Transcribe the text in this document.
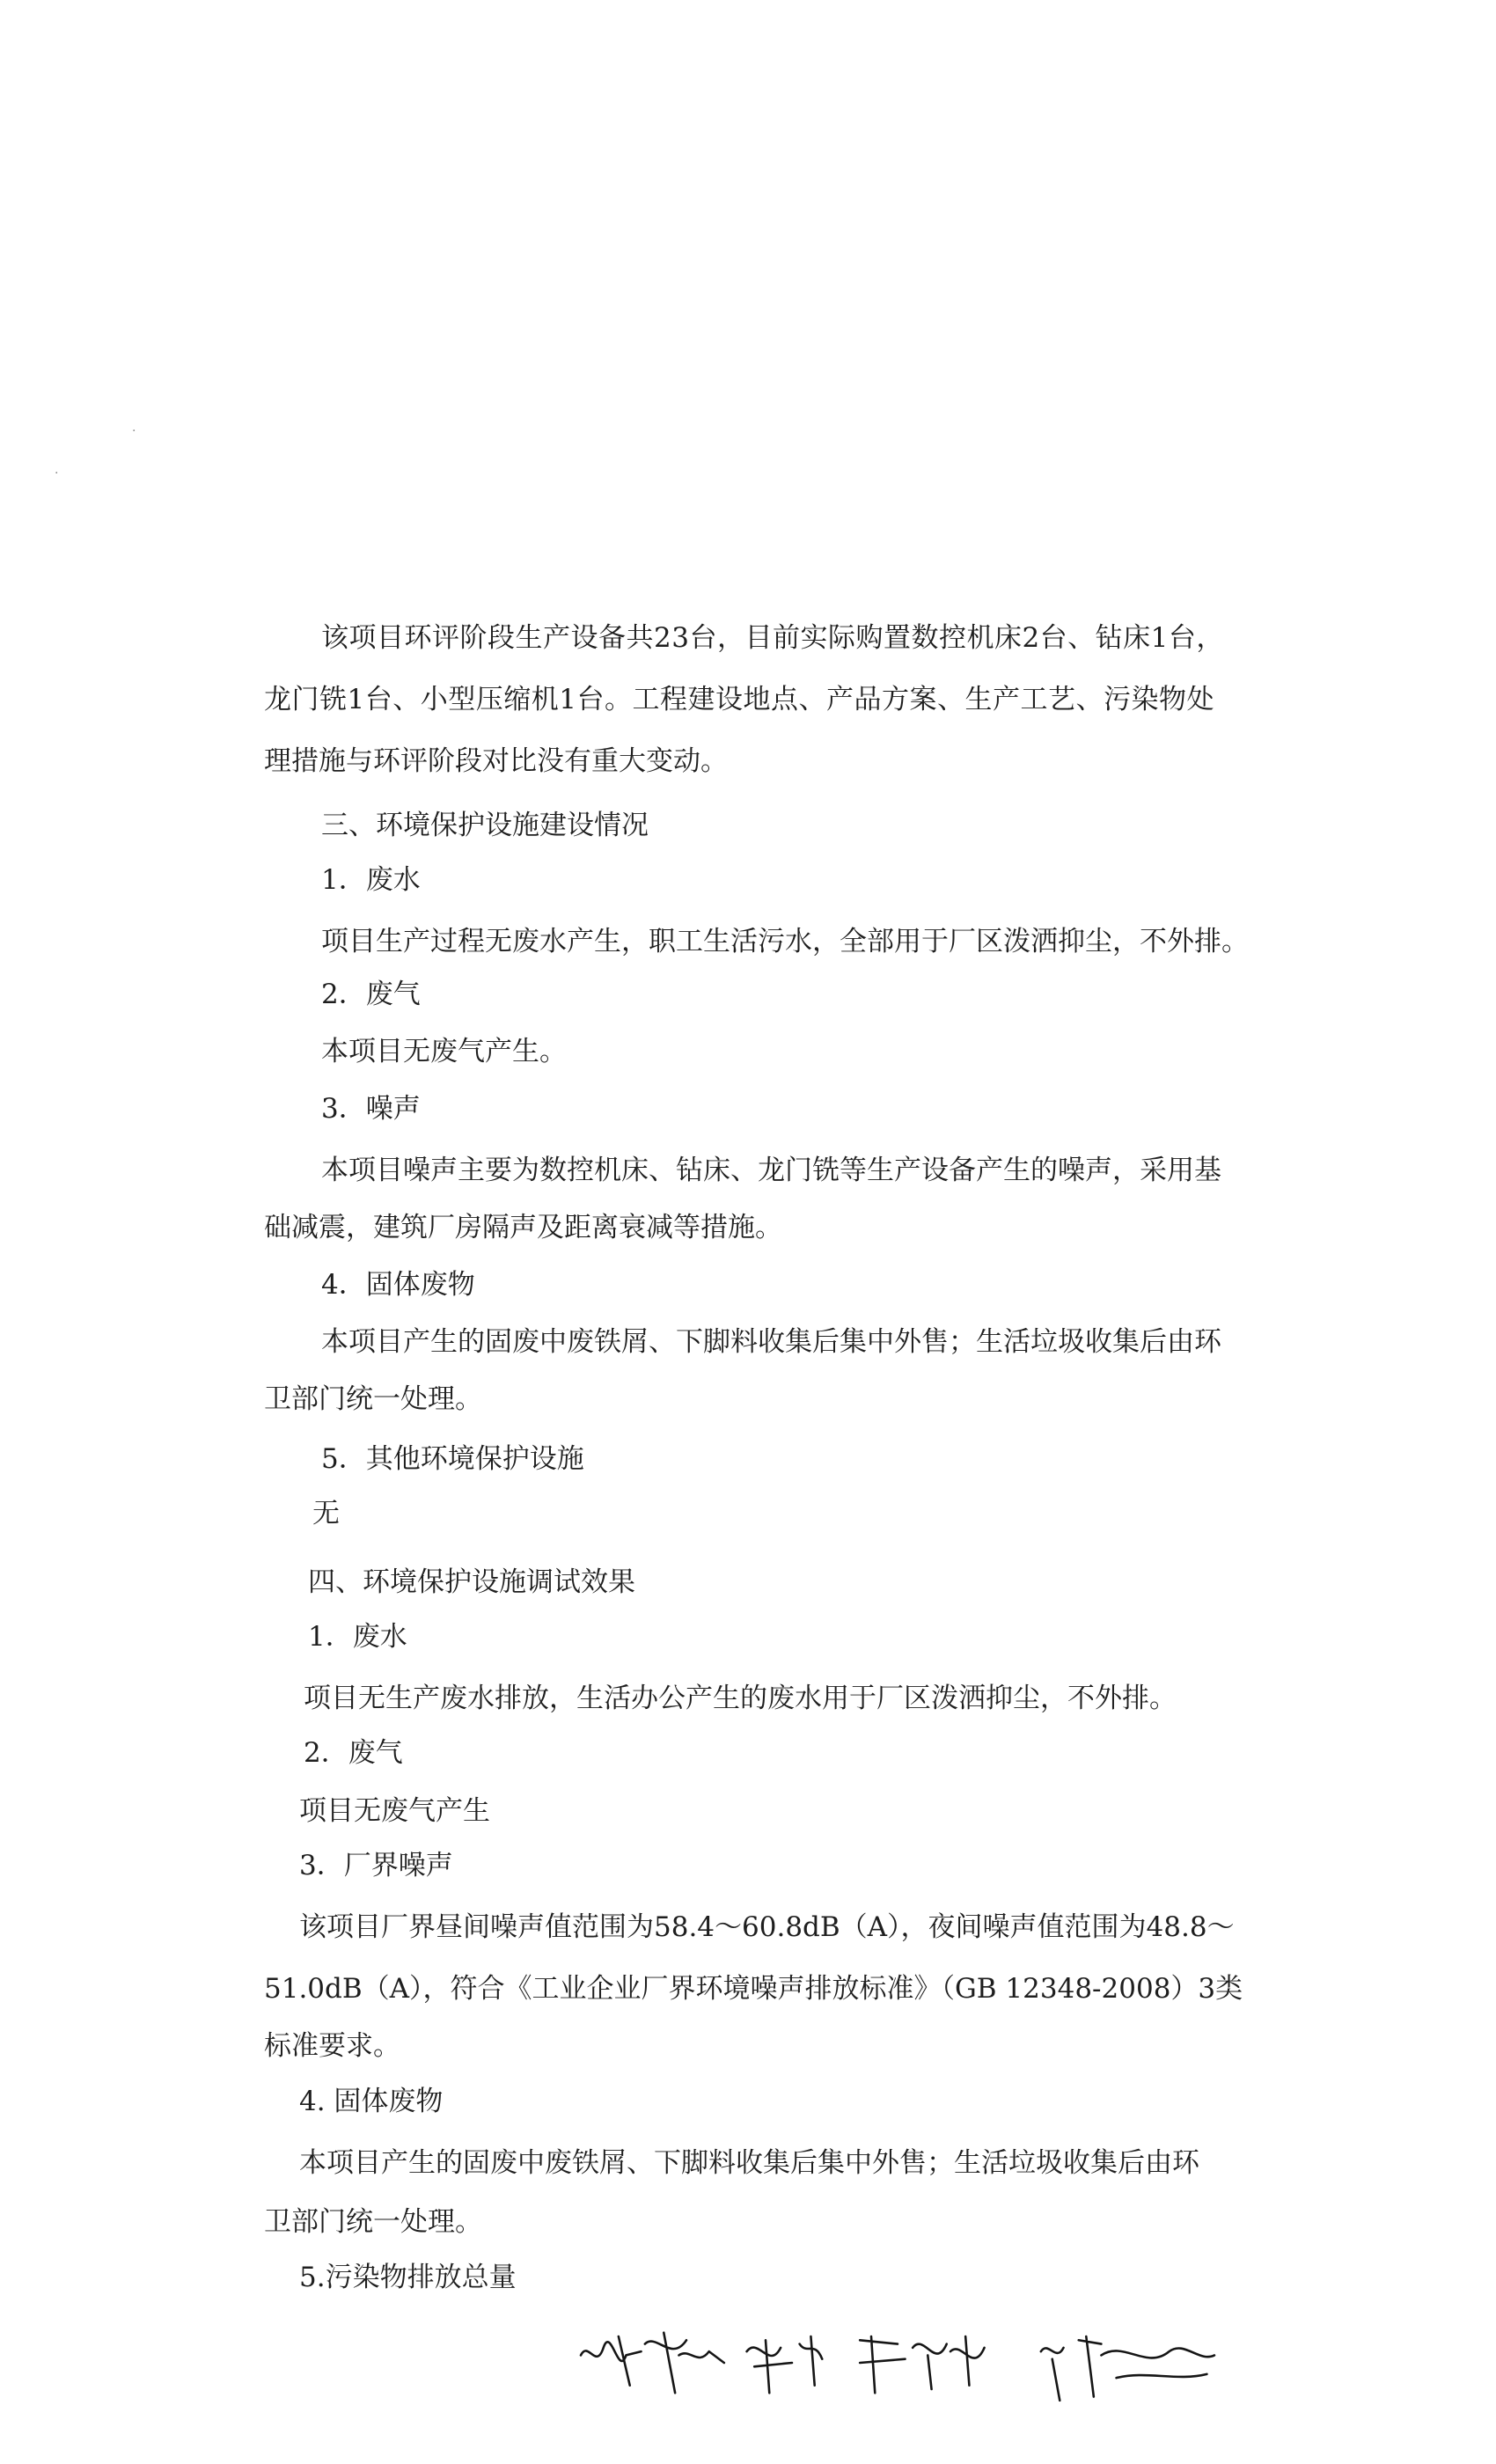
·
·
该项目环评阶段生产设备共23台，目前实际购置数控机床2台、钻床1台，
龙门铣1台、小型压缩机1台。工程建设地点、产品方案、生产工艺、污染物处
理措施与环评阶段对比没有重大变动。
三、环境保护设施建设情况
1．废水
项目生产过程无废水产生，职工生活污水，全部用于厂区泼洒抑尘，不外排。
2．废气
本项目无废气产生。
3．噪声
本项目噪声主要为数控机床、钻床、龙门铣等生产设备产生的噪声，采用基
础减震，建筑厂房隔声及距离衰减等措施。
4．固体废物
本项目产生的固废中废铁屑、下脚料收集后集中外售；生活垃圾收集后由环
卫部门统一处理。
5．其他环境保护设施
无
四、环境保护设施调试效果
1．废水
项目无生产废水排放，生活办公产生的废水用于厂区泼洒抑尘，不外排。
2．废气
项目无废气产生
3．厂界噪声
该项目厂界昼间噪声值范围为58.4～60.8dB（A），夜间噪声值范围为48.8～
51.0dB（A），符合《工业企业厂界环境噪声排放标准》（GB 12348-2008）3类
标准要求。
4. 固体废物
本项目产生的固废中废铁屑、下脚料收集后集中外售；生活垃圾收集后由环
卫部门统一处理。
5.污染物排放总量
